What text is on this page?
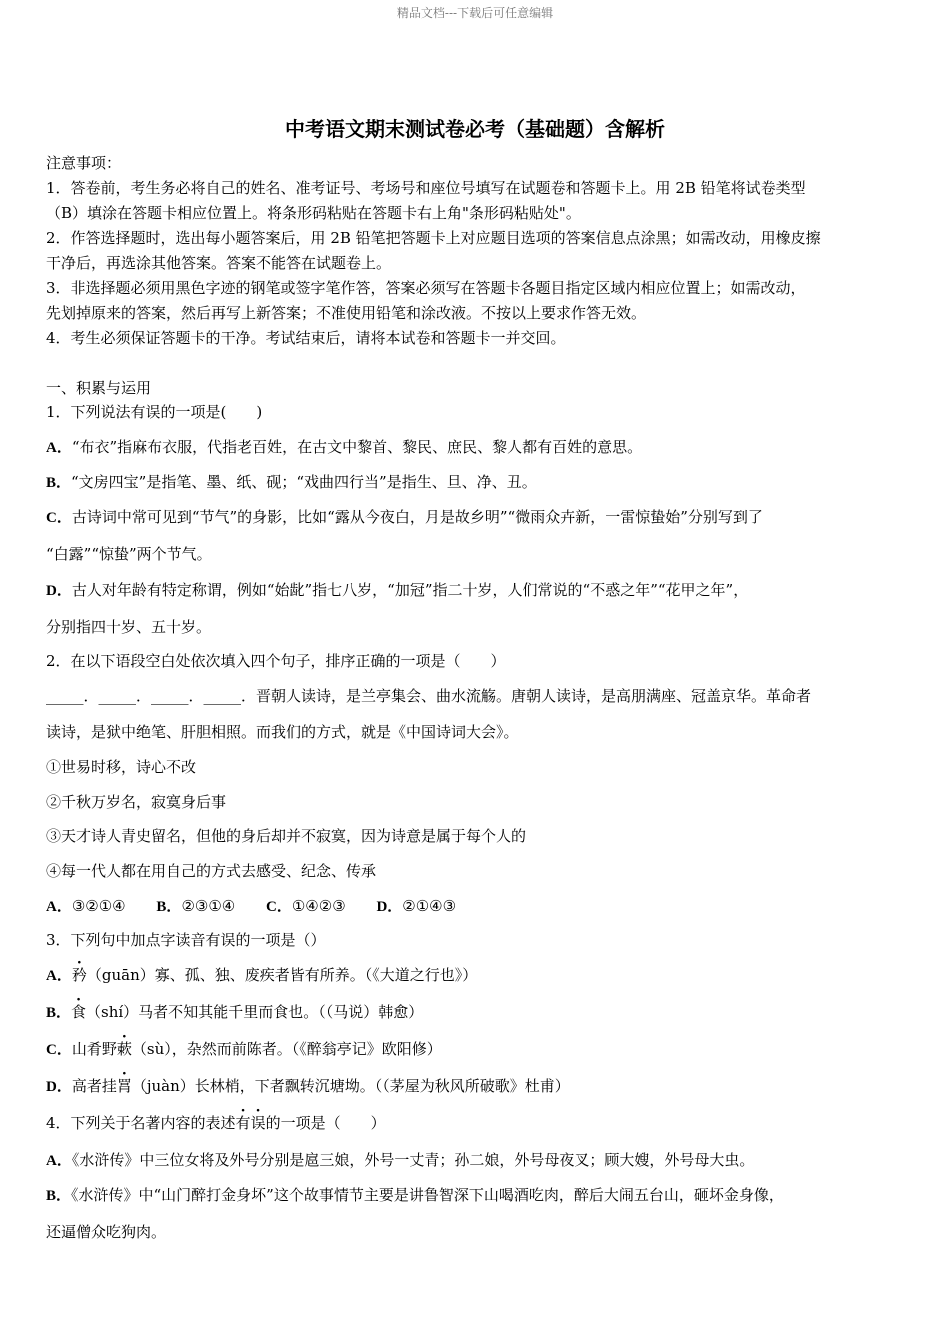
精品文档---下载后可任意编辑
中考语文期末测试卷必考（基础题）含解析
注意事项：
1．答卷前，考生务必将自己的姓名、准考证号、考场号和座位号填写在试题卷和答题卡上。用 2B 铅笔将试卷类型
（B）填涂在答题卡相应位置上。将条形码粘贴在答题卡右上角"条形码粘贴处"。
2．作答选择题时，选出每小题答案后，用 2B 铅笔把答题卡上对应题目选项的答案信息点涂黑；如需改动，用橡皮擦
干净后，再选涂其他答案。答案不能答在试题卷上。
3．非选择题必须用黑色字迹的钢笔或签字笔作答，答案必须写在答题卡各题目指定区域内相应位置上；如需改动，
先划掉原来的答案，然后再写上新答案；不准使用铅笔和涂改液。不按以上要求作答无效。
4．考生必须保证答题卡的干净。考试结束后，请将本试卷和答题卡一并交回。
一、积累与运用
1．下列说法有误的一项是(　　)
A．“布衣”指麻布衣服，代指老百姓，在古文中黎首、黎民、庶民、黎人都有百姓的意思。
B．“文房四宝”是指笔、墨、纸、砚；“戏曲四行当”是指生、旦、净、丑。
C．古诗词中常可见到“节气”的身影，比如“露从今夜白，月是故乡明”“微雨众卉新，一雷惊蛰始”分别写到了
“白露”“惊蛰”两个节气。
D．古人对年龄有特定称谓，例如“始龀”指七八岁，“加冠”指二十岁，人们常说的“不惑之年”“花甲之年”，
分别指四十岁、五十岁。
2．在以下语段空白处依次填入四个句子，排序正确的一项是（　　）
_____．_____．_____．_____．晋朝人读诗，是兰亭集会、曲水流觞。唐朝人读诗，是高朋满座、冠盖京华。革命者
读诗，是狱中绝笔、肝胆相照。而我们的方式，就是《中国诗词大会》。
①世易时移，诗心不改
②千秋万岁名，寂寞身后事
③天才诗人青史留名，但他的身后却并不寂寞，因为诗意是属于每个人的
④每一代人都在用自己的方式去感受、纪念、传承
A．③②①④ B．②③①④ C．①④②③ D．②①④③
3．下列句中加点字读音有误的一项是（）
A．矜（guān）寡、孤、独、废疾者皆有所养。（《大道之行也》）
B．食（shí）马者不知其能千里而食也。（（马说）韩愈）
C．山肴野蔌（sù），杂然而前陈者。（《醉翁亭记》欧阳修）
D．高者挂罥（juàn）长林梢，下者飘转沉塘坳。（（茅屋为秋风所破歌》杜甫）
4．下列关于名著内容的表述有误的一项是（　　）
A．《水浒传》中三位女将及外号分别是扈三娘，外号一丈青；孙二娘，外号母夜叉；顾大嫂，外号母大虫。
B．《水浒传》中“山门醉打金身坏”这个故事情节主要是讲鲁智深下山喝酒吃肉，醉后大闹五台山，砸坏金身像，
还逼僧众吃狗肉。
